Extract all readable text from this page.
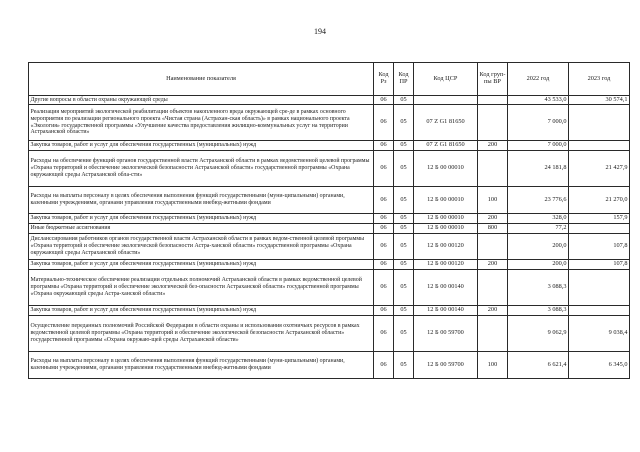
194
Наименование показателя	Код Рз	Код ПР	Код ЦСР	Код груп-пы ВР	2022 год	2023 год
Другие вопросы в области охраны окружающей среды	06	05			43 533,0	30 574,1
Реализация мероприятий экологической реабилитации объектов накопленного вреда окружающей сре-де в рамках основного мероприятия по реализации регионального проекта «Чистая страна (Астрахан-ская область)» в рамках национального проекта «Экология» государственной программы «Улучшение качества предоставления жилищно-коммунальных услуг на территории Астраханской области»	06	05	07 Z G1 81650		7 000,0	
Закупка товаров, работ и услуг для обеспечения государственных (муниципальных) нужд	06	05	07 Z G1 81650	200	7 000,0	
Расходы на обеспечение функций органов государственной власти Астраханской области в рамках ведомственной целевой программы «Охрана территорий и обеспечение экологической безопасности Астраханской области» государственной программы «Охрана окружающей среды Астраханской обла-сти»	06	05	12 Б 00 00010		24 181,8	21 427,9
Расходы на выплаты персоналу в целях обеспечения выполнения функций государственными (муни-ципальными) органами, казенными учреждениями, органами управления государственными внебюд-жетными фондами	06	05	12 Б 00 00010	100	23 776,6	21 270,0
Закупка товаров, работ и услуг для обеспечения государственных (муниципальных) нужд	06	05	12 Б 00 00010	200	328,0	157,9
Иные бюджетные ассигнования	06	05	12 Б 00 00010	800	77,2	
Дисланссирования работников органов государственной власти Астраханской области в рамках ведом-ственной целевой программы «Охрана территорий и обеспечение экологической безопасности Астра-ханской области» государственной программы «Охрана окружающей среды Астраханской области»	06	05	12 Б 00 00120		200,0	107,8
Закупка товаров, работ и услуг для обеспечения государственных (муниципальных) нужд	06	05	12 Б 00 00120	200	200,0	107,8
Материально-техническое обеспечение реализации отдельных полномочий Астраханской области в рамках ведомственной целевой программы «Охрана территорий и обеспечение экологической без-опасности Астраханской области» государственной программы «Охрана окружающей среды Астра-ханской области»	06	05	12 Б 00 00140		3 088,3	
Закупка товаров, работ и услуг для обеспечения государственных (муниципальных) нужд	06	05	12 Б 00 00140	200	3 088,3	
Осуществление переданных полномочий Российской Федерации в области охраны и использования охотничьих ресурсов в рамках ведомственной целевой программы «Охрана территорий и обеспечение экологической безопасности Астраханской области» государственной программы «Охрана окружаю-щей среды Астраханской области»	06	05	12 Б 00 59700		9 062,9	9 038,4
Расходы на выплаты персоналу в целях обеспечения выполнения функций государственными (муни-ципальными) органами, казенными учреждениями, органами управления государственными внебюд-жетными фондами	06	05	12 Б 00 59700	100	6 621,4	6 345,0
